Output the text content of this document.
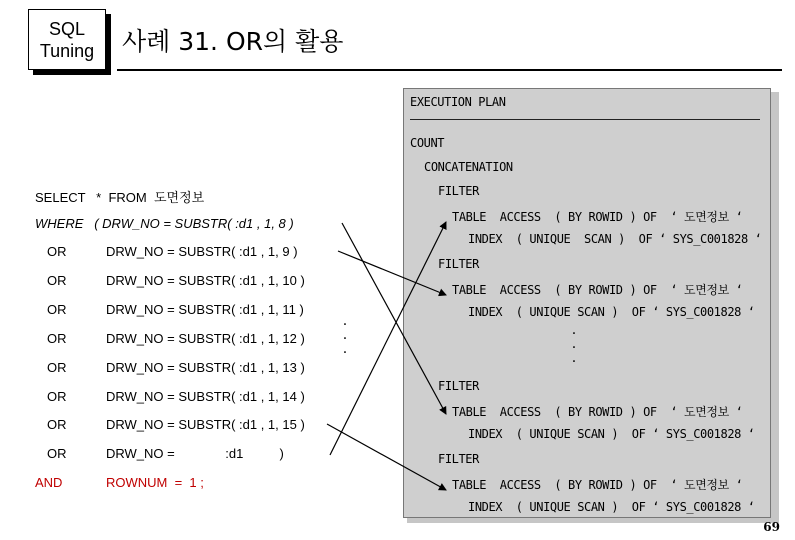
SQL
Tuning 사례 31. OR의 활용
EXECUTION PLAN
COUNT
CONCATENATION
FILTER
TABLE  ACCESS  ( BY ROWID ) OF  ‘ 도면정보 ‘
INDEX  ( UNIQUE  SCAN )  OF ‘ SYS_C001828 ‘
FILTER
TABLE  ACCESS  ( BY ROWID ) OF  ‘ 도면정보 ‘
INDEX  ( UNIQUE SCAN )  OF ‘ SYS_C001828 ‘
.
.
.
FILTER
TABLE  ACCESS  ( BY ROWID ) OF  ‘ 도면정보 ‘
INDEX  ( UNIQUE SCAN )  OF ‘ SYS_C001828 ‘
FILTER
TABLE  ACCESS  ( BY ROWID ) OF  ‘ 도면정보 ‘
INDEX  ( UNIQUE SCAN )  OF ‘ SYS_C001828 ‘
SELECT   *  FROM  도면정보
WHERE   ( DRW_NO = SUBSTR( :d1 , 1, 8 )
OR	DRW_NO = SUBSTR( :d1 , 1, 9 )
OR	DRW_NO = SUBSTR( :d1 , 1, 10 )
OR	DRW_NO = SUBSTR( :d1 , 1, 11 )
OR	DRW_NO = SUBSTR( :d1 , 1, 12 )
OR	DRW_NO = SUBSTR( :d1 , 1, 13 )
OR	DRW_NO = SUBSTR( :d1 , 1, 14 )
OR	DRW_NO = SUBSTR( :d1 , 1, 15 )
OR	DRW_NO =              :d1          )
AND	ROWNUM  =  1 ;
.
.
.
69
